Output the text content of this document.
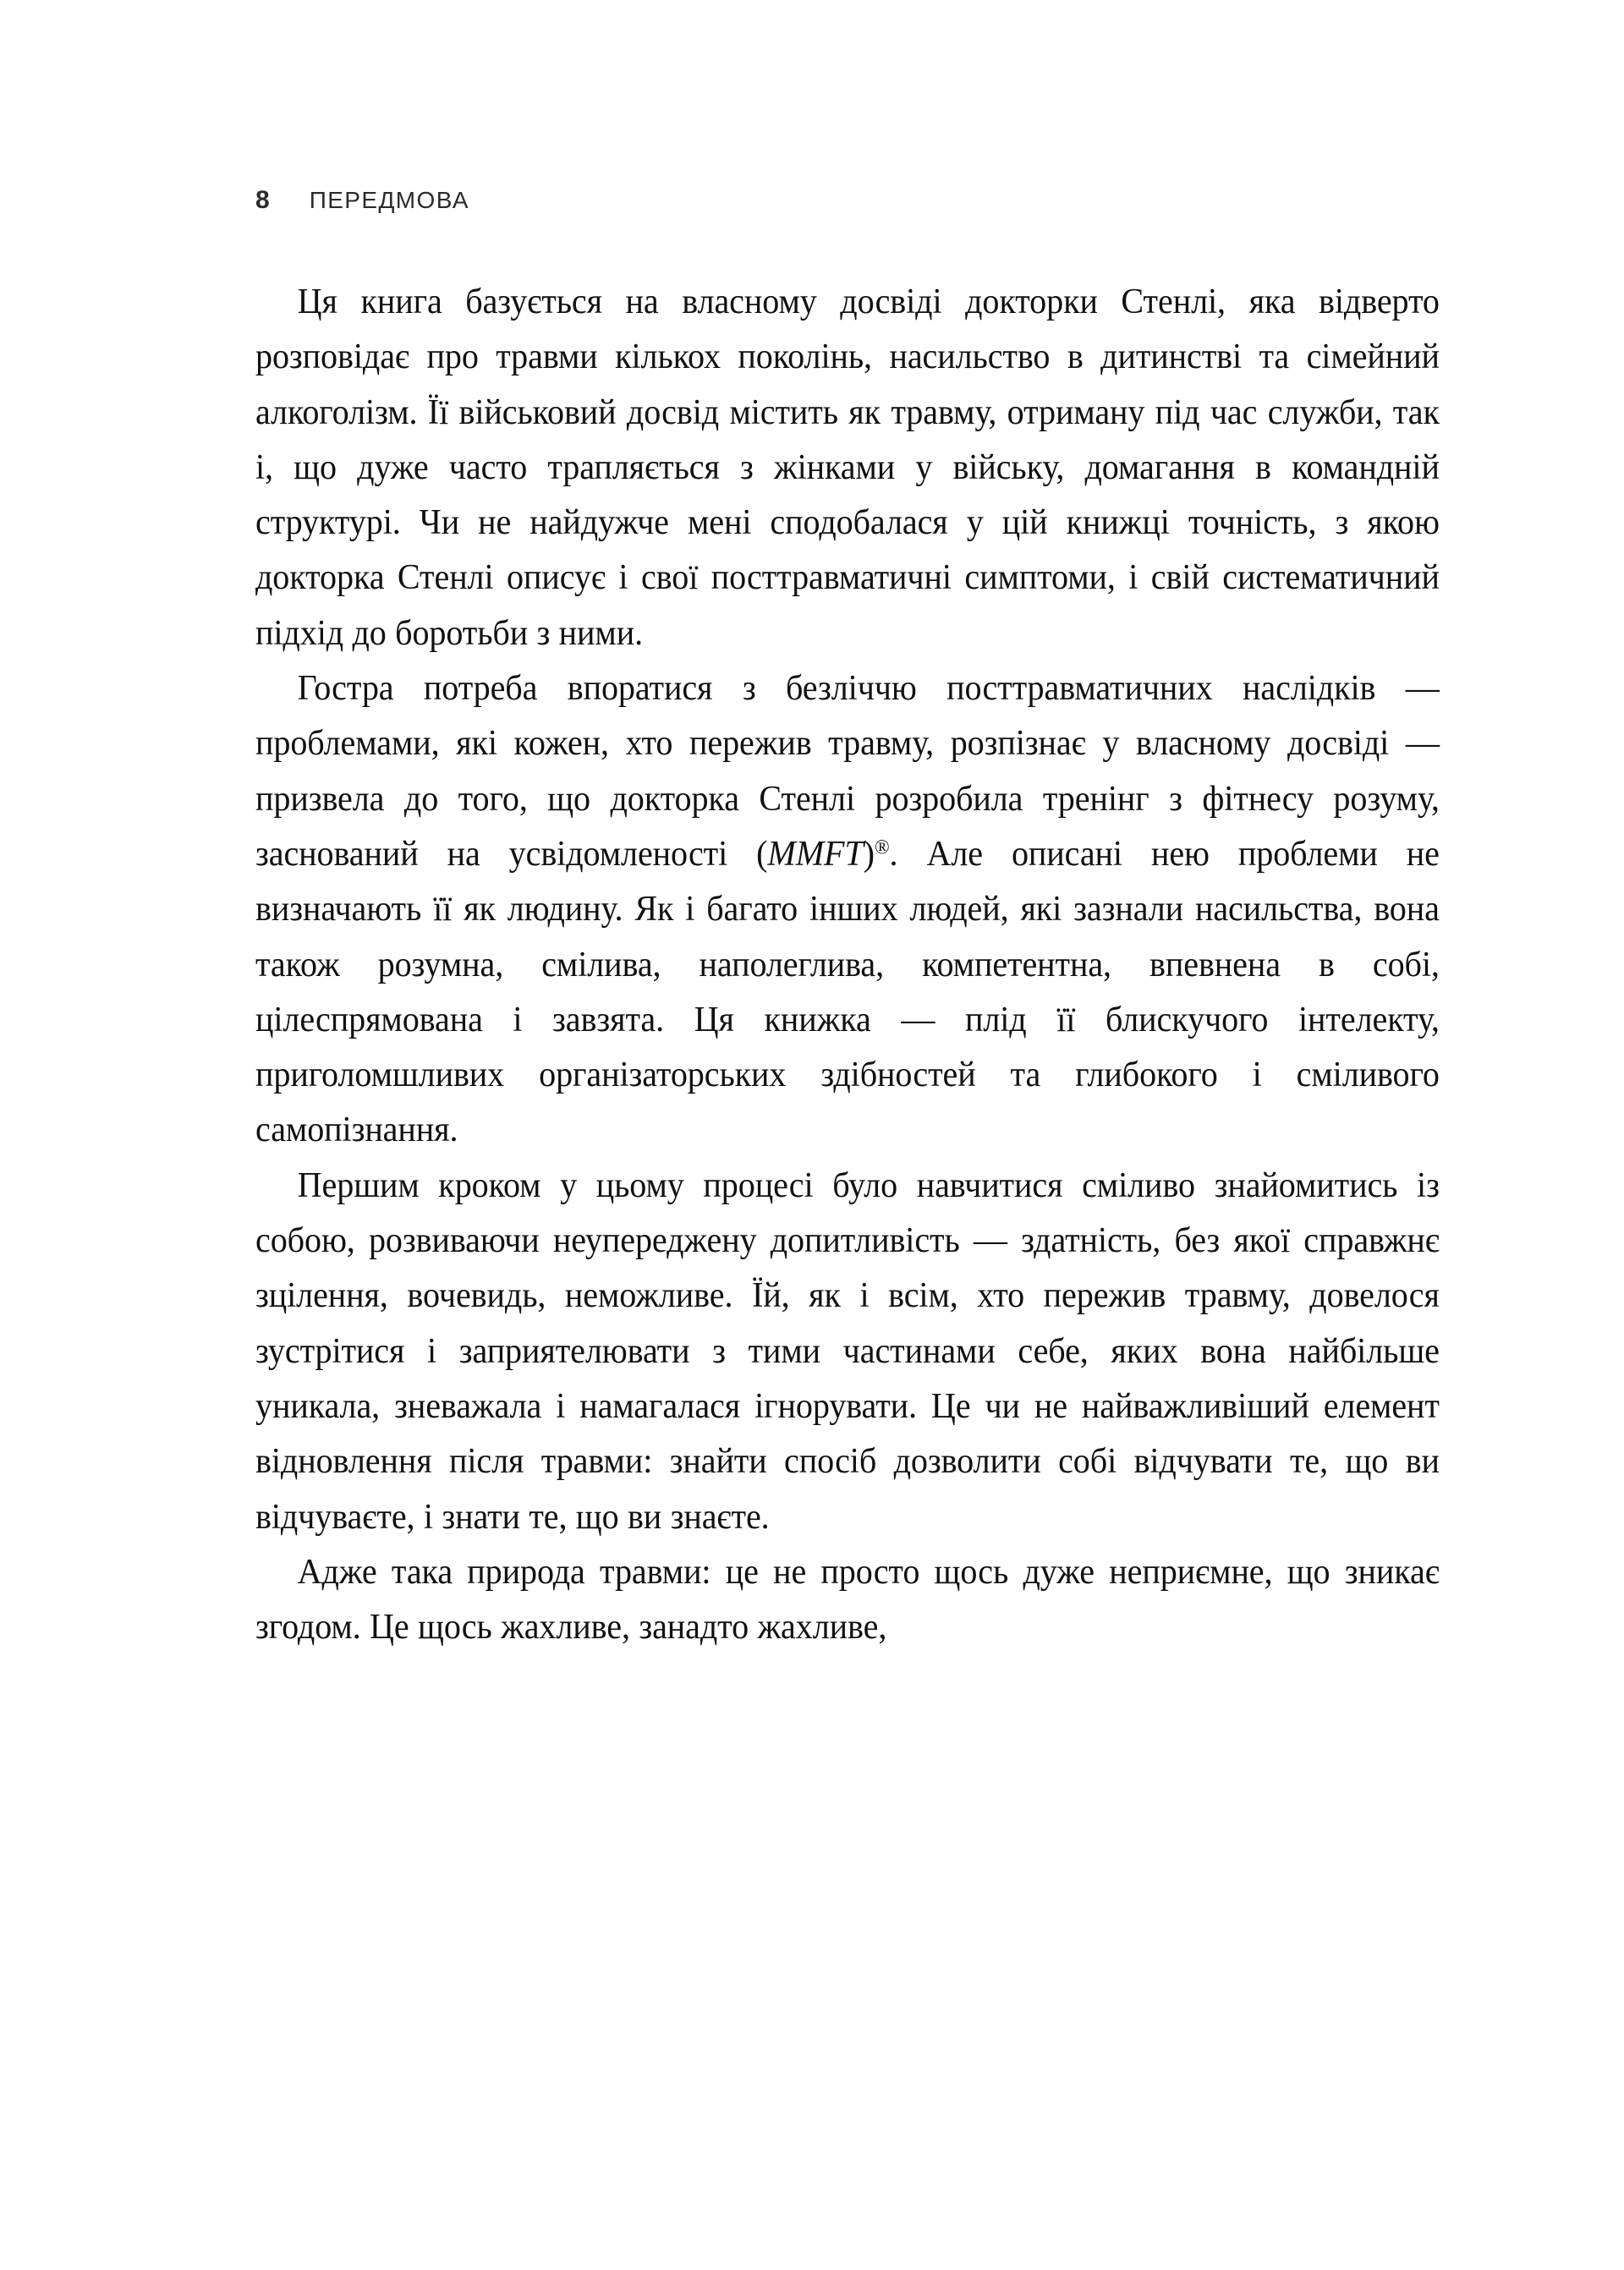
8 ПЕРЕДМОВА

Ця книга базується на власному досвіді докторки Стенлі, яка відверто розповідає про травми кількох поколінь, насильство в дитинстві та сімейний алкоголізм. Її військовий досвід містить як травму, отриману під час служби, так і, що дуже часто трапляється з жінками у війську, домагання в командній структурі. Чи не найдужче мені сподобалася у цій книжці точність, з якою докторка Стенлі описує і свої посттравматичні симптоми, і свій систематичний підхід до боротьби з ними.

Гостра потреба впоратися з безліччю посттравматичних наслідків — проблемами, які кожен, хто пережив травму, розпізнає у власному досвіді — призвела до того, що докторка Стенлі розробила тренінг з фітнесу розуму, заснований на усвідомленості (MMFT)®. Але описані нею проблеми не визначають її як людину. Як і багато інших людей, які зазнали насильства, вона також розумна, смілива, наполеглива, компетентна, впевнена в собі, цілеспрямована і завзята. Ця книжка — плід її блискучого інтелекту, приголомшливих організаторських здібностей та глибокого і сміливого самопізнання.

Першим кроком у цьому процесі було навчитися сміливо знайомитись із собою, розвиваючи неупереджену допитливість — здатність, без якої справжнє зцілення, вочевидь, неможливе. Їй, як і всім, хто пережив травму, довелося зустрітися і заприятелювати з тими частинами себе, яких вона найбільше уникала, зневажала і намагалася ігнорувати. Це чи не найважливіший елемент відновлення після травми: знайти спосіб дозволити собі відчувати те, що ви відчуваєте, і знати те, що ви знаєте.

Адже така природа травми: це не просто щось дуже неприємне, що зникає згодом. Це щось жахливе, занадто жахливе,
